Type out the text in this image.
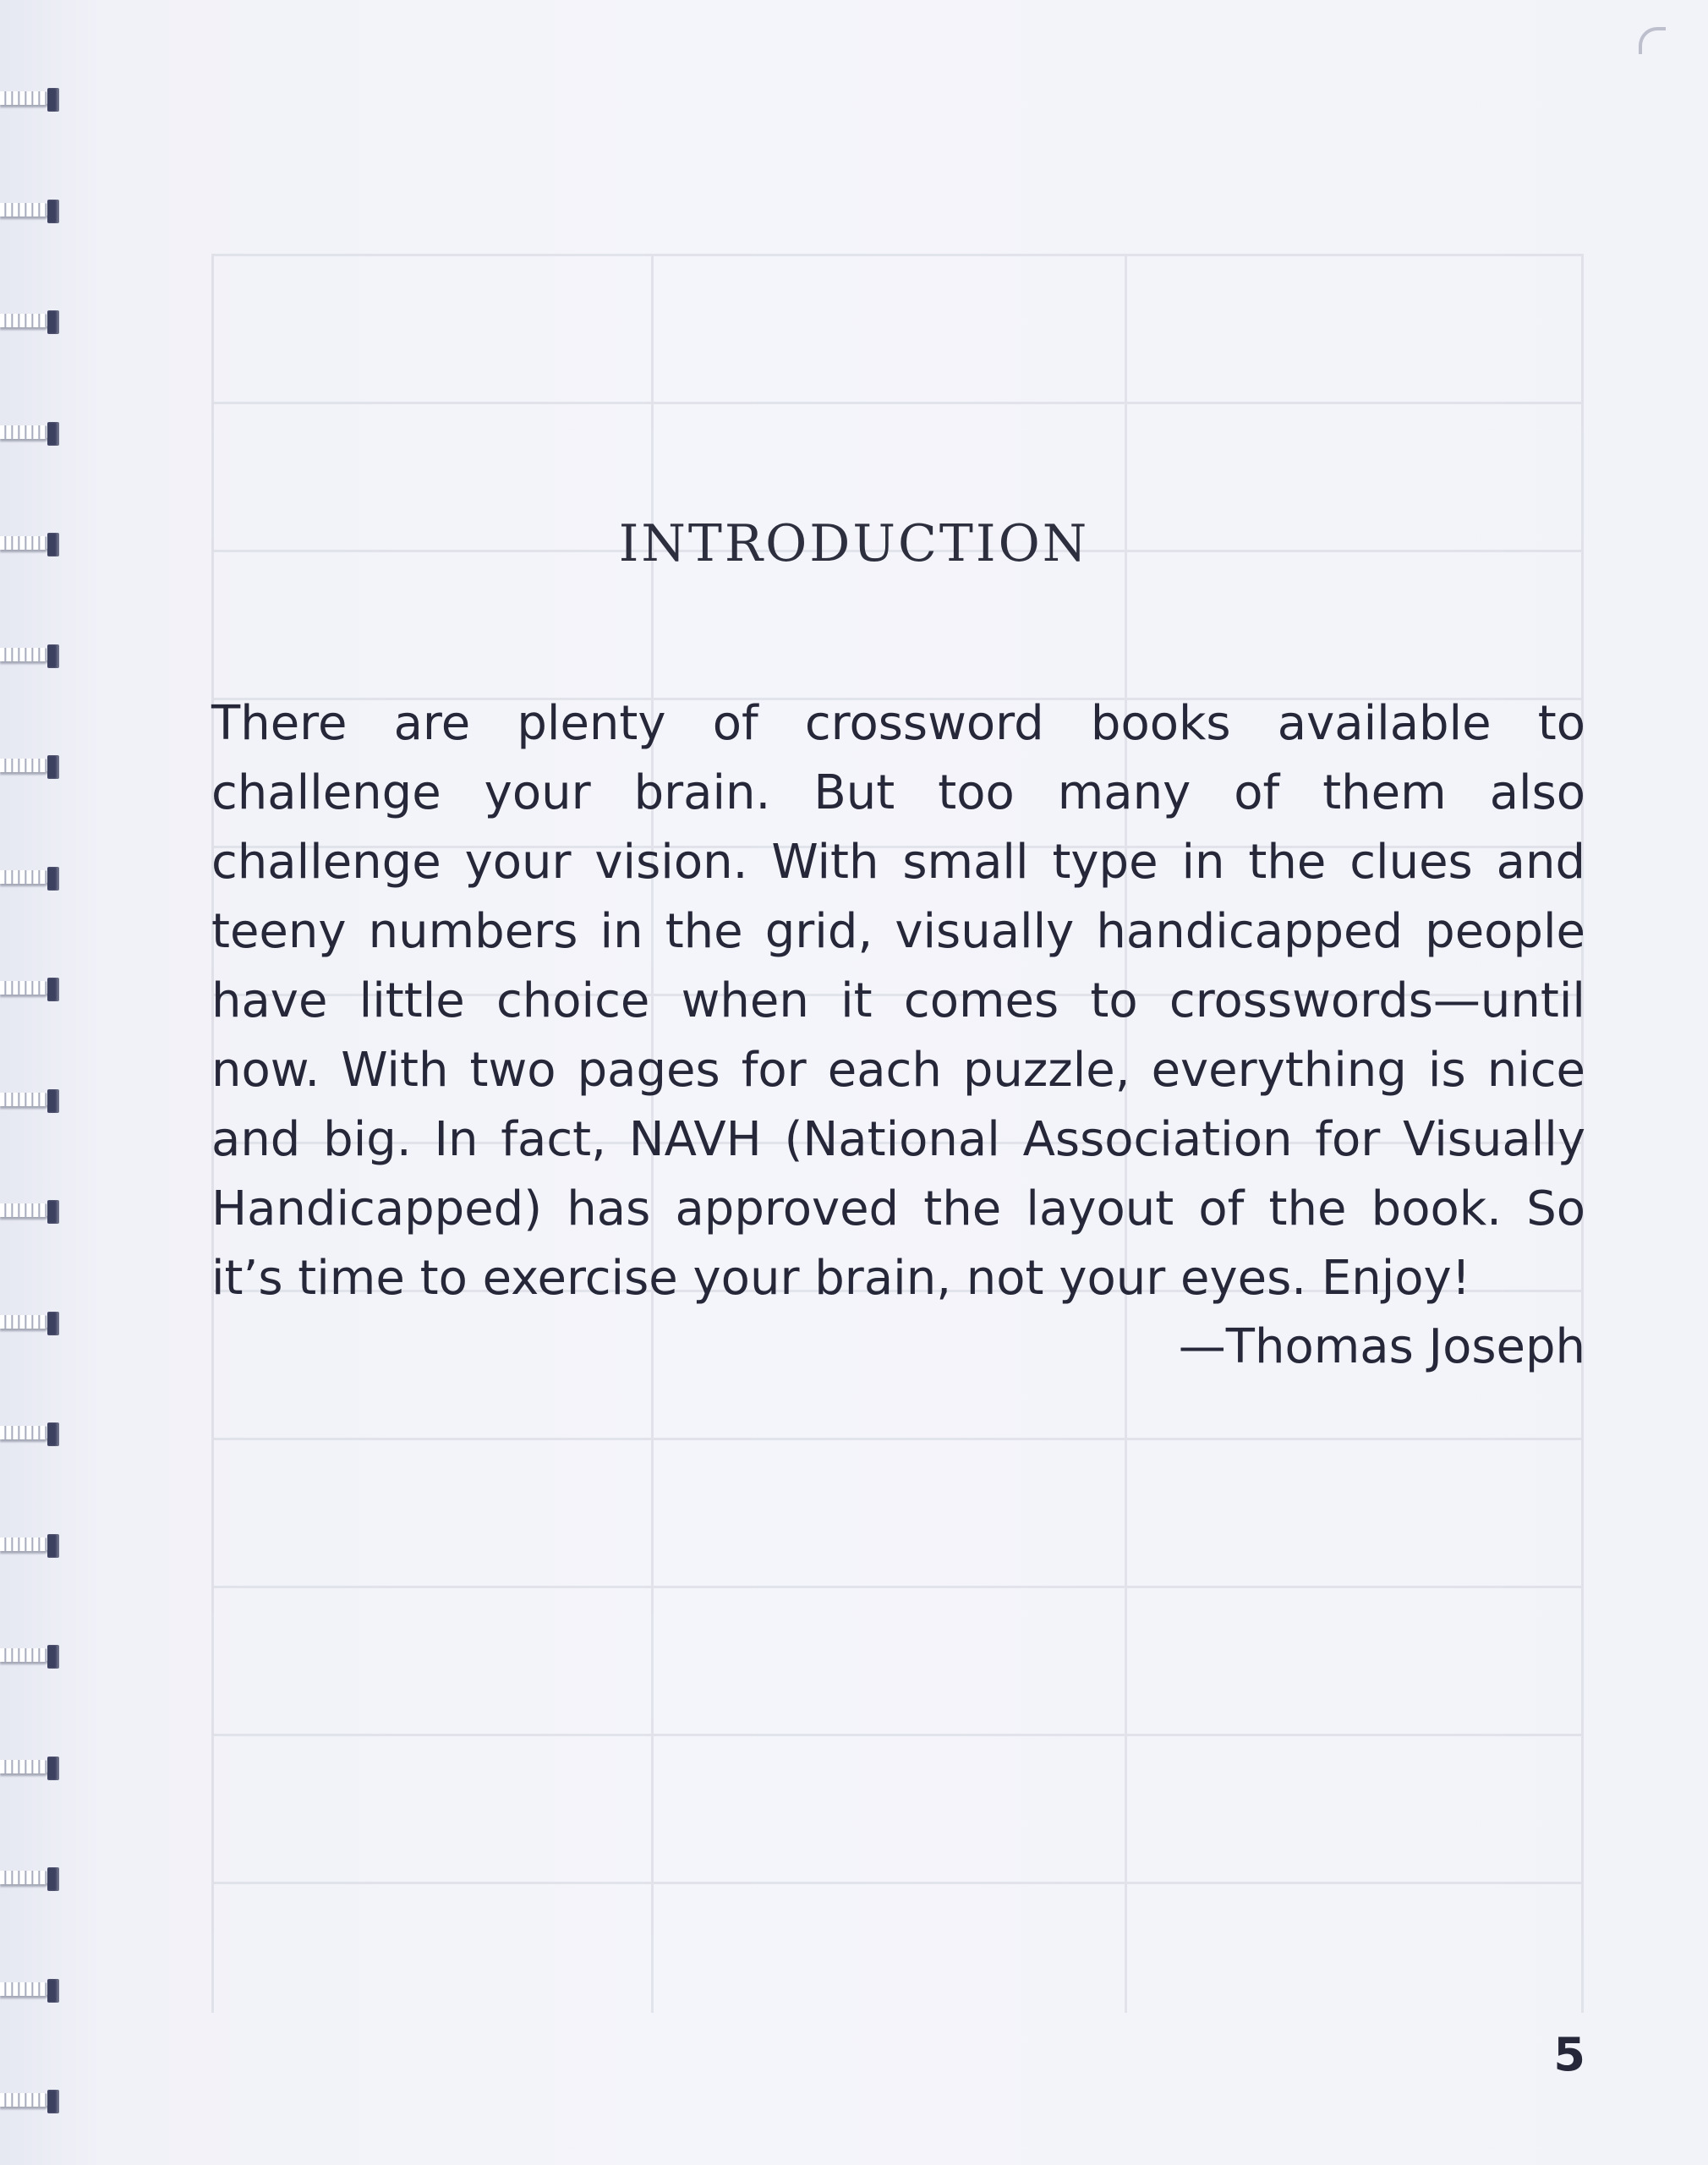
INTRODUCTION

There are plenty of crossword books available to challenge your brain. But too many of them also challenge your vision. With small type in the clues and teeny numbers in the grid, visually handicapped people have little choice when it comes to crosswords—until now. With two pages for each puzzle, everything is nice and big. In fact, NAVH (National Association for Visually Handicapped) has approved the layout of the book. So it’s time to exercise your brain, not your eyes. Enjoy!

—Thomas Joseph

5
